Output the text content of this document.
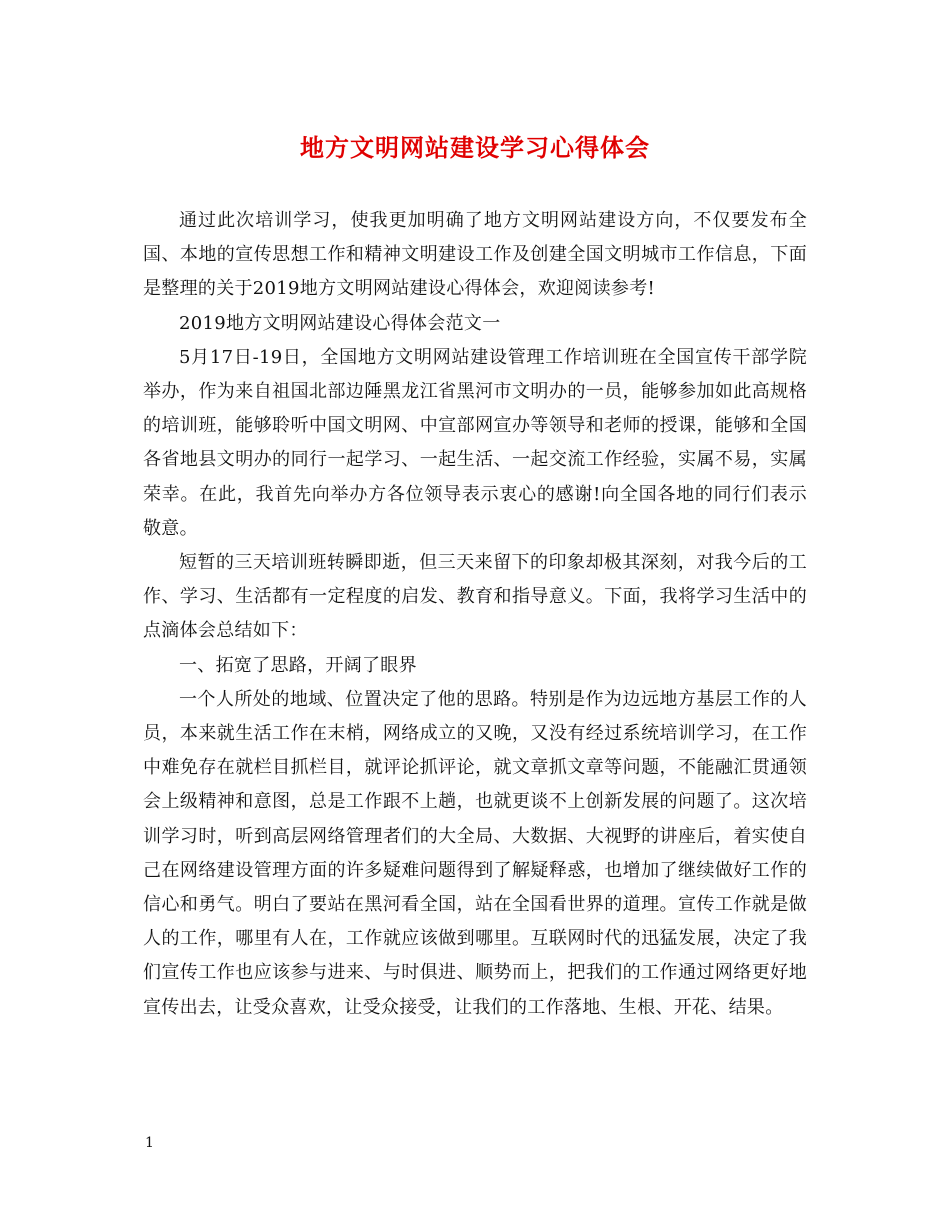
地方文明网站建设学习心得体会

通过此次培训学习，使我更加明确了地方文明网站建设方向，不仅要发布全国、本地的宣传思想工作和精神文明建设工作及创建全国文明城市工作信息，下面是整理的关于2019地方文明网站建设心得体会，欢迎阅读参考!

2019地方文明网站建设心得体会范文一

5月17日-19日，全国地方文明网站建设管理工作培训班在全国宣传干部学院举办，作为来自祖国北部边陲黑龙江省黑河市文明办的一员，能够参加如此高规格的培训班，能够聆听中国文明网、中宣部网宣办等领导和老师的授课，能够和全国各省地县文明办的同行一起学习、一起生活、一起交流工作经验，实属不易，实属荣幸。在此，我首先向举办方各位领导表示衷心的感谢!向全国各地的同行们表示敬意。

短暂的三天培训班转瞬即逝，但三天来留下的印象却极其深刻，对我今后的工作、学习、生活都有一定程度的启发、教育和指导意义。下面，我将学习生活中的点滴体会总结如下：

一、拓宽了思路，开阔了眼界

一个人所处的地域、位置决定了他的思路。特别是作为边远地方基层工作的人员，本来就生活工作在末梢，网络成立的又晚，又没有经过系统培训学习，在工作中难免存在就栏目抓栏目，就评论抓评论，就文章抓文章等问题，不能融汇贯通领会上级精神和意图，总是工作跟不上趟，也就更谈不上创新发展的问题了。这次培训学习时，听到高层网络管理者们的大全局、大数据、大视野的讲座后，着实使自己在网络建设管理方面的许多疑难问题得到了解疑释惑，也增加了继续做好工作的信心和勇气。明白了要站在黑河看全国，站在全国看世界的道理。宣传工作就是做人的工作，哪里有人在，工作就应该做到哪里。互联网时代的迅猛发展，决定了我们宣传工作也应该参与进来、与时俱进、顺势而上，把我们的工作通过网络更好地宣传出去，让受众喜欢，让受众接受，让我们的工作落地、生根、开花、结果。

1
